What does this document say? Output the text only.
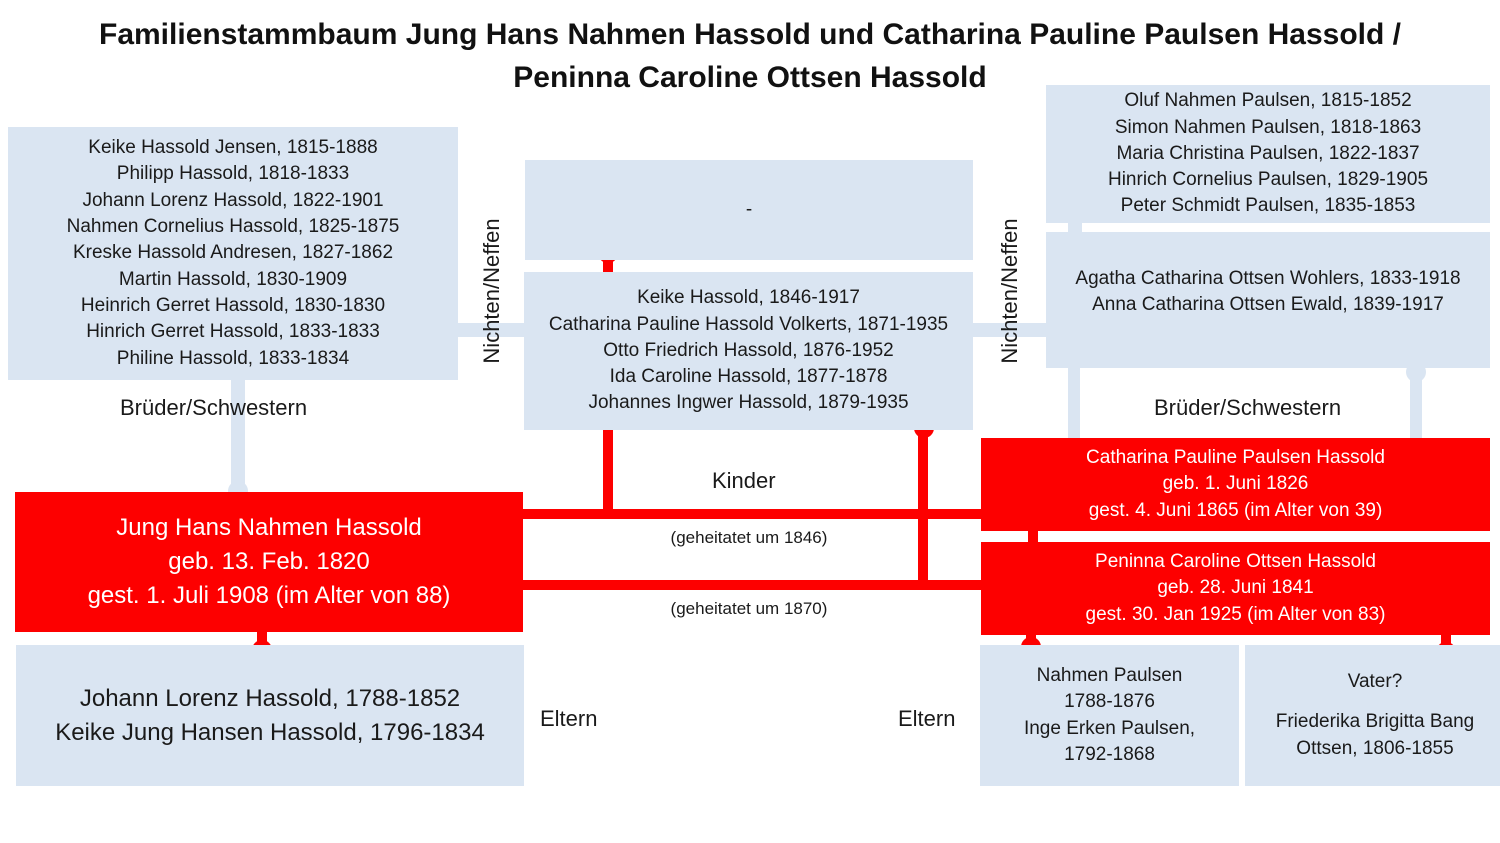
Familienstammbaum Jung Hans Nahmen Hassold und Catharina Pauline Paulsen Hassold /
Peninna Caroline Ottsen Hassold
Keike Hassold Jensen, 1815-1888
Philipp Hassold, 1818-1833
Johann Lorenz Hassold, 1822-1901
Nahmen Cornelius Hassold, 1825-1875
Kreske Hassold Andresen, 1827-1862
Martin Hassold, 1830-1909
Heinrich Gerret Hassold, 1830-1830
Hinrich Gerret Hassold, 1833-1833
Philine Hassold, 1833-1834
Brüder/Schwestern
Nichten/Neffen	Nichten/Neffen
-
Keike Hassold, 1846-1917
Catharina Pauline Hassold Volkerts, 1871-1935
Otto Friedrich Hassold, 1876-1952
Ida Caroline Hassold, 1877-1878
Johannes Ingwer Hassold, 1879-1935
Kinder
Oluf Nahmen Paulsen, 1815-1852
Simon Nahmen Paulsen, 1818-1863
Maria Christina Paulsen, 1822-1837
Hinrich Cornelius Paulsen, 1829-1905
Peter Schmidt Paulsen, 1835-1853
Agatha Catharina Ottsen Wohlers, 1833-1918
Anna Catharina Ottsen Ewald, 1839-1917
Brüder/Schwestern
Jung Hans Nahmen Hassold
geb. 13. Feb. 1820
gest. 1. Juli 1908 (im Alter von 88)
(geheitatet um 1846)
(geheitatet um 1870)
Catharina Pauline Paulsen Hassold
geb. 1. Juni 1826
gest. 4. Juni 1865 (im Alter von 39)
Peninna Caroline Ottsen Hassold
geb. 28. Juni 1841
gest. 30. Jan 1925 (im Alter von 83)
Johann Lorenz Hassold, 1788-1852
Keike Jung Hansen Hassold, 1796-1834	Eltern	Eltern
Nahmen Paulsen
1788-1876
Inge Erken Paulsen,
1792-1868
Vater?
Friederika Brigitta Bang
Ottsen, 1806-1855
